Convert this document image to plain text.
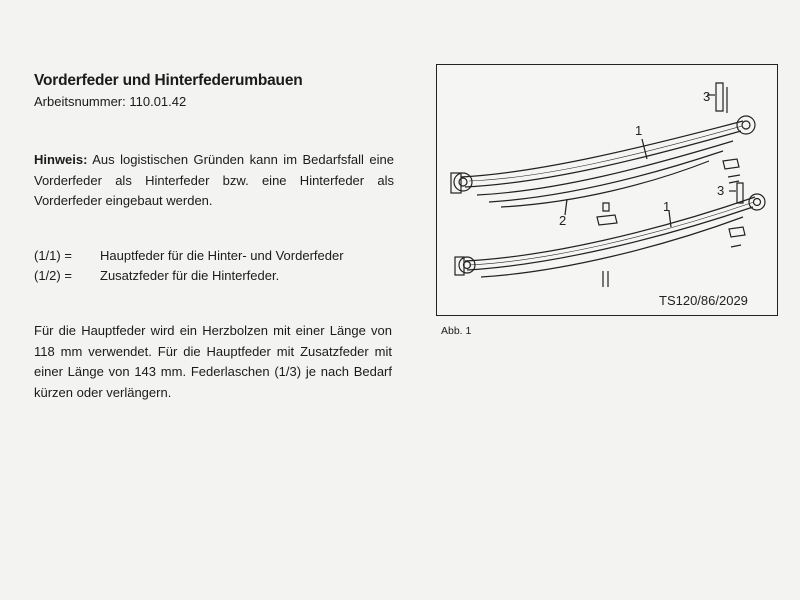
Vorderfeder und Hinterfederumbauen
Arbeitsnummer: 110.01.42
Hinweis: Aus logistischen Gründen kann im Bedarfsfall eine Vorderfeder als Hinterfeder bzw. eine Hinterfeder als Vorderfeder eingebaut werden.
(1/1) =	Hauptfeder für die Hinter- und Vorderfeder
(1/2) =	Zusatzfeder für die Hinterfeder.
Für die Hauptfeder wird ein Herzbolzen mit einer Länge von 118 mm verwendet. Für die Hauptfeder mit Zusatzfeder mit einer Länge von 143 mm. Federlaschen (1/3) je nach Bedarf kürzen oder verlängern.
3
1
2
1
3
TS120/86/2029
Abb. 1
